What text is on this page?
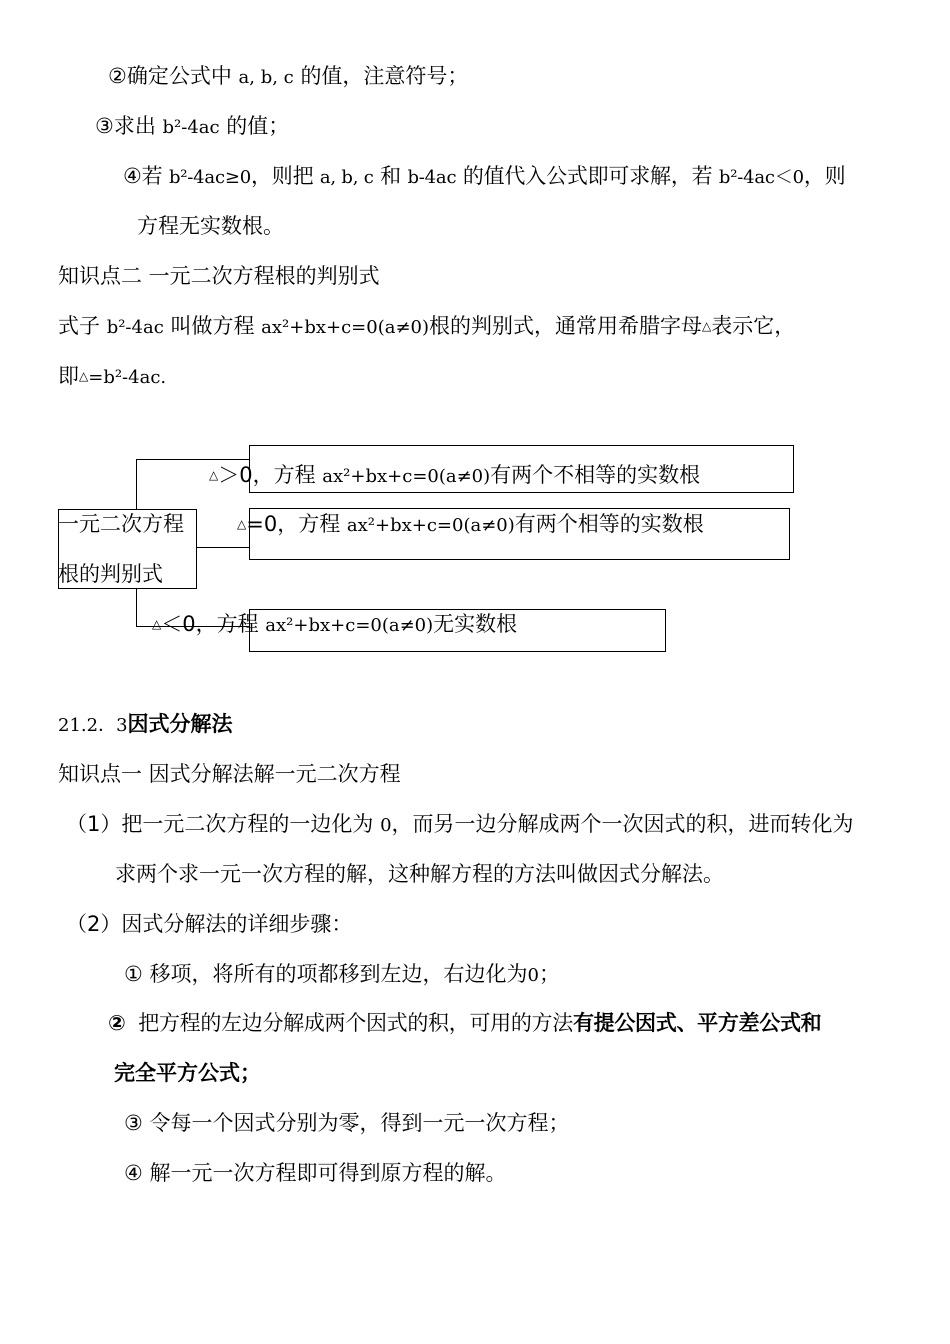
②确定公式中 a, b, c 的值，注意符号；
③求出 b²-4ac 的值；
④若 b²-4ac≥0，则把 a, b, c 和 b-4ac 的值代入公式即可求解，若 b²-4ac＜0，则
方程无实数根。
知识点二 一元二次方程根的判别式
式子 b²-4ac 叫做方程 ax²+bx+c=0(a≠0)根的判别式，通常用希腊字母△表示它，
即△=b²-4ac.
一元二次方程
根的判别式
△＞0，方程 ax²+bx+c=0(a≠0)有两个不相等的实数根
△=0，方程 ax²+bx+c=0(a≠0)有两个相等的实数根
△＜0，方程 ax²+bx+c=0(a≠0)无实数根
21.2．3因式分解法
知识点一 因式分解法解一元二次方程
（1）把一元二次方程的一边化为 0，而另一边分解成两个一次因式的积，进而转化为
求两个求一元一次方程的解，这种解方程的方法叫做因式分解法。
（2）因式分解法的详细步骤：
① 移项，将所有的项都移到左边，右边化为0；
② 把方程的左边分解成两个因式的积，可用的方法有提公因式、平方差公式和
完全平方公式；
③ 令每一个因式分别为零，得到一元一次方程；
④ 解一元一次方程即可得到原方程的解。
